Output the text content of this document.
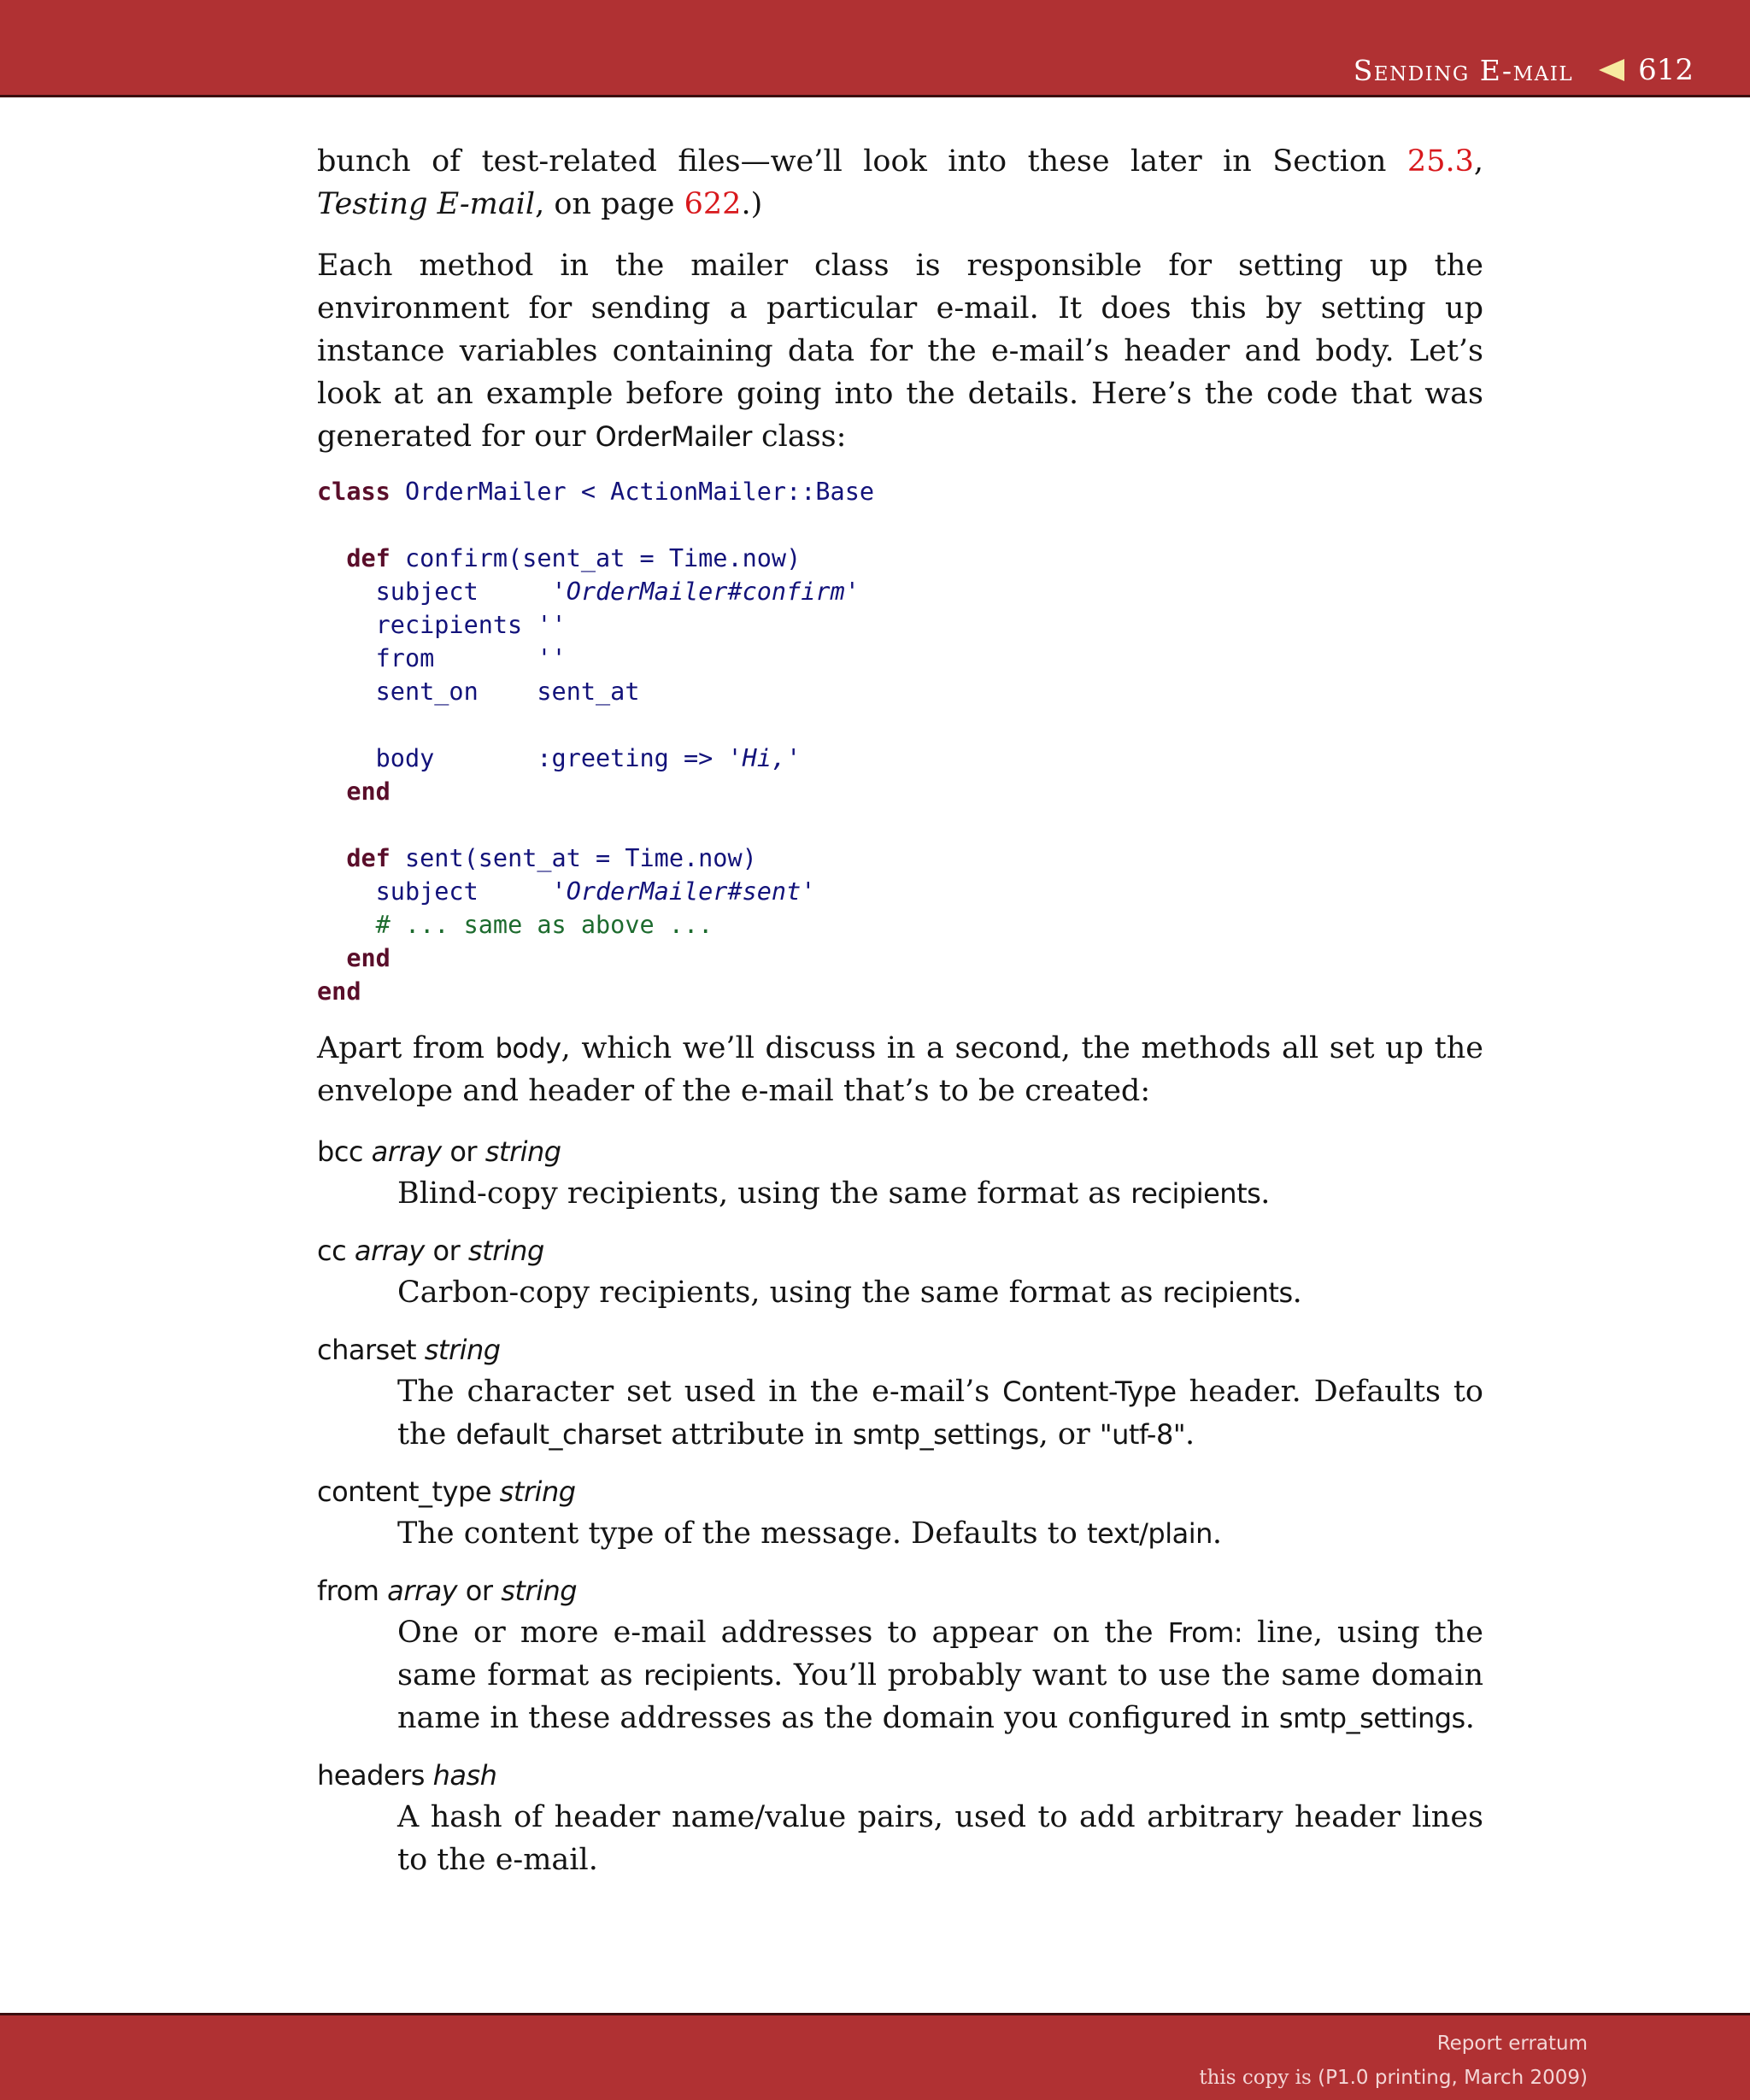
Sending E-mail 612

bunch of test-related files—we’ll look into these later in Section 25.3, Testing E-mail, on page 622.)

Each method in the mailer class is responsible for setting up the environment for sending a particular e-mail. It does this by setting up instance variables containing data for the e-mail’s header and body. Let’s look at an example before going into the details. Here’s the code that was generated for our OrderMailer class:

class OrderMailer < ActionMailer::Base

def confirm(sent_at = Time.now)
subject     'OrderMailer#confirm'
recipients ''
from       ''
sent_on    sent_at

body       :greeting => 'Hi,'
end

def sent(sent_at = Time.now)
subject     'OrderMailer#sent'
# ... same as above ...
end
end

Apart from body, which we’ll discuss in a second, the methods all set up the envelope and header of the e-mail that’s to be created:

bcc array or string

Blind-copy recipients, using the same format as recipients.

cc array or string

Carbon-copy recipients, using the same format as recipients.

charset string

The character set used in the e-mail’s Content-Type header. Defaults to the default_charset attribute in smtp_settings, or "utf-8".

content_type string

The content type of the message. Defaults to text/plain.

from array or string

One or more e-mail addresses to appear on the From: line, using the same format as recipients. You’ll probably want to use the same domain name in these addresses as the domain you configured in smtp_settings.

headers hash

A hash of header name/value pairs, used to add arbitrary header lines to the e-mail.

Report erratum
this copy is (P1.0 printing, March 2009)
